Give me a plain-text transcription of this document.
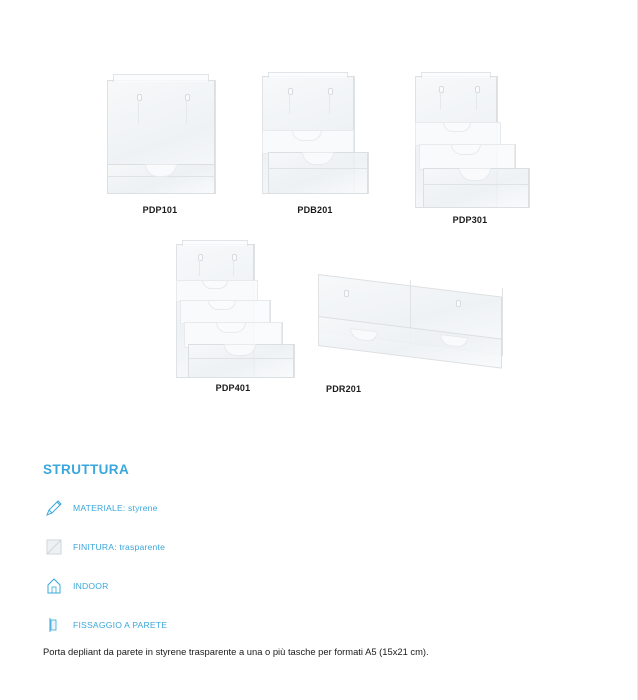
PDP101	PDB201
PDP301
PDP401	PDR201
STRUTTURA
MATERIALE: styrene
FINITURA: trasparente
INDOOR
FISSAGGIO A PARETE
Porta depliant da parete in styrene trasparente a una o più tasche per formati A5 (15x21 cm).
